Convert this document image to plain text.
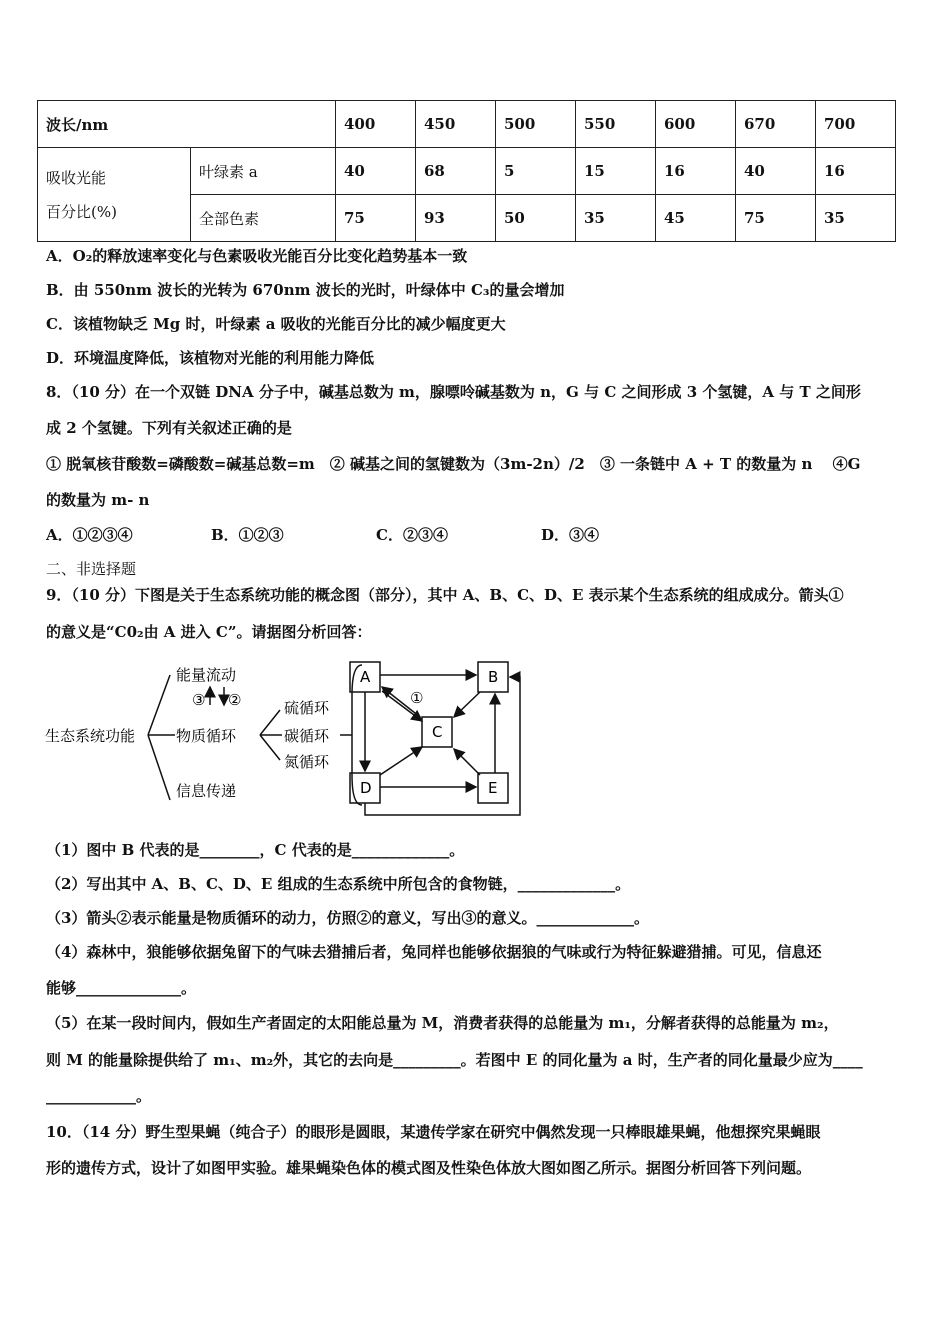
波长/nm		400	450	500	550	600	670	700
吸收光能
百分比(%)	叶绿素 a	40	68	5	15	16	40	16
	全部色素	75	93	50	35	45	75	35
A．O₂的释放速率变化与色素吸收光能百分比变化趋势基本一致
B．由 550nm 波长的光转为 670nm 波长的光时，叶绿体中 C₃的量会增加
C．该植物缺乏 Mg 时，叶绿素 a 吸收的光能百分比的减少幅度更大
D．环境温度降低，该植物对光能的利用能力降低
8．（10 分）在一个双链 DNA 分子中，碱基总数为 m，腺嘌呤碱基数为 n，G 与 C 之间形成 3 个氢键，A 与 T 之间形
成 2 个氢键。下列有关叙述正确的是
① 脱氧核苷酸数=磷酸数=碱基总数=m　② 碱基之间的氢键数为（3m-2n）/2　③ 一条链中 A + T 的数量为 n　 ④G
的数量为 m- n
A．①②③④	B．①②③	C．②③④	D．③④
二、非选择题
9．（10 分）下图是关于生态系统功能的概念图（部分），其中 A、B、C、D、E 表示某个生态系统的组成成分。箭头①
的意义是“C0₂由 A 进入 C”。请据图分析回答：
生态系统功能
能量流动
③ ②
物质循环
信息传递
硫循环
碳循环
氮循环
A	B
C
D	E
①
（1）图中 B 代表的是________，C 代表的是_____________。
（2）写出其中 A、B、C、D、E 组成的生态系统中所包含的食物链，_____________。
（3）箭头②表示能量是物质循环的动力，仿照②的意义，写出③的意义。_____________。
（4）森林中，狼能够依据兔留下的气味去猎捕后者，兔同样也能够依据狼的气味或行为特征躲避猎捕。可见，信息还
能够______________。
（5）在某一段时间内，假如生产者固定的太阳能总量为 M，消费者获得的总能量为 m₁，分解者获得的总能量为 m₂，
则 M 的能量除提供给了 m₁、m₂外，其它的去向是_________。若图中 E 的同化量为 a 时，生产者的同化量最少应为____
____________。
10．（14 分）野生型果蝇（纯合子）的眼形是圆眼，某遗传学家在研究中偶然发现一只棒眼雄果蝇，他想探究果蝇眼
形的遗传方式，设计了如图甲实验。雄果蝇染色体的模式图及性染色体放大图如图乙所示。据图分析回答下列问题。
